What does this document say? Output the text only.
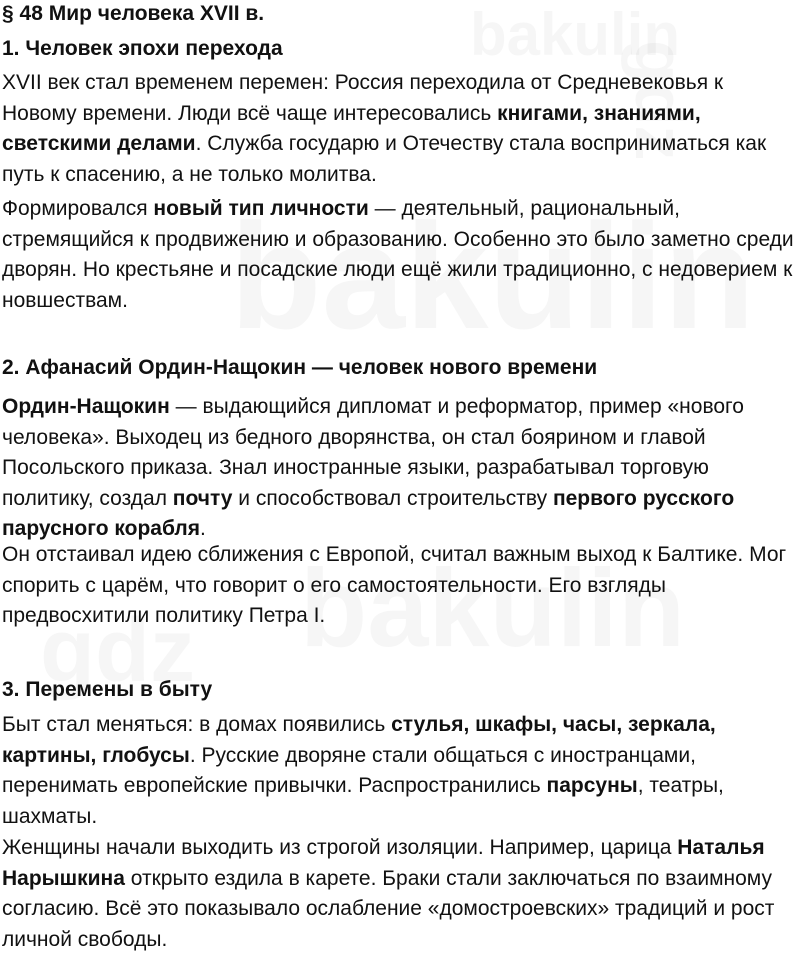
§ 48 Мир человека XVII в.
1. Человек эпохи перехода

XVII век стал временем перемен: Россия переходила от Средневековья к Новому времени. Люди всё чаще интересовались книгами, знаниями, светскими делами. Служба государю и Отечеству стала восприниматься как путь к спасению, а не только молитва.

Формировался новый тип личности — деятельный, рациональный, стремящийся к продвижению и образованию. Особенно это было заметно среди дворян. Но крестьяне и посадские люди ещё жили традиционно, с недоверием к новшествам.

2. Афанасий Ордин-Нащокин — человек нового времени

Ордин-Нащокин — выдающийся дипломат и реформатор, пример «нового человека». Выходец из бедного дворянства, он стал боярином и главой Посольского приказа. Знал иностранные языки, разрабатывал торговую политику, создал почту и способствовал строительству первого русского парусного корабля.

Он отстаивал идею сближения с Европой, считал важным выход к Балтике. Мог спорить с царём, что говорит о его самостоятельности. Его взгляды предвосхитили политику Петра I.

3. Перемены в быту

Быт стал меняться: в домах появились стулья, шкафы, часы, зеркала, картины, глобусы. Русские дворяне стали общаться с иностранцами, перенимать европейские привычки. Распространились парсуны, театры, шахматы.

Женщины начали выходить из строгой изоляции. Например, царица Наталья Нарышкина открыто ездила в карете. Браки стали заключаться по взаимному согласию. Всё это показывало ослабление «домостроевских» традиций и рост личной свободы.
